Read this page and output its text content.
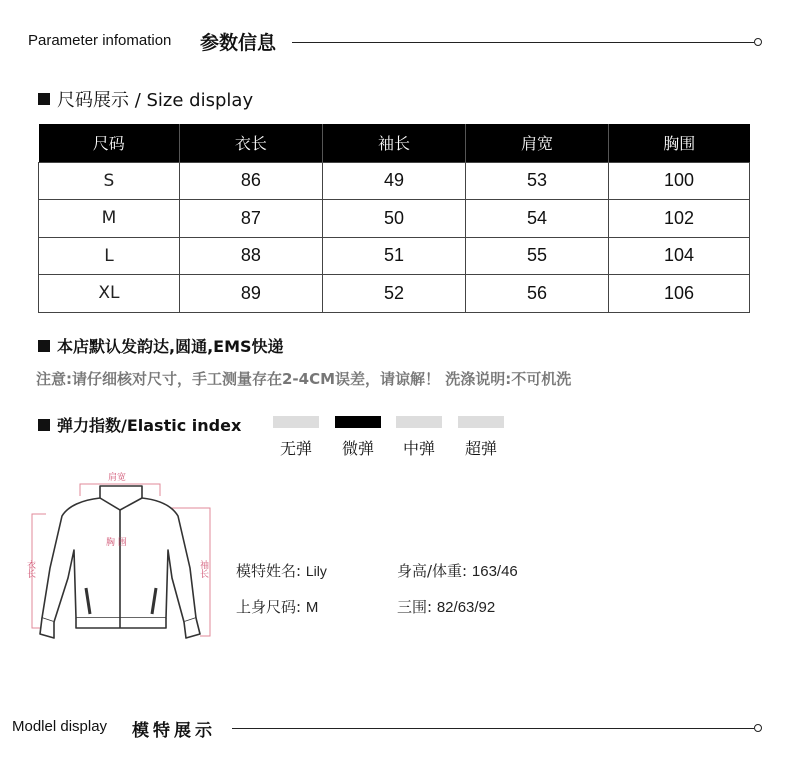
Parameter infomation 参数信息
尺码展示 / Size display
尺码	衣长	袖长	肩宽	胸围
S	86	49	53	100
M	87	50	54	102
L	88	51	55	104
XL	89	52	56	106
本店默认发韵达,圆通,EMS快递
注意:请仔细核对尺寸，手工测量存在2-4CM误差，请谅解！ 洗涤说明:不可机洗
弹力指数/Elastic index
无弹	微弹	中弹	超弹
肩宽
胸 围
衣长	袖长 模特姓名: Lily	身高/体重: 163/46
上身尺码: M	三围: 82/63/92
Modlel display 模特展示
